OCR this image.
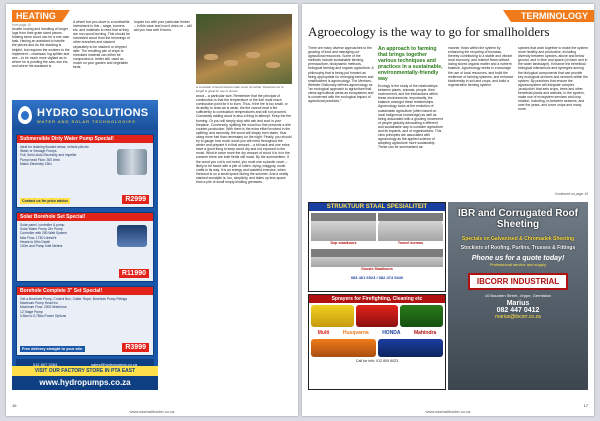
HEATING
from page 15
double rooting and handling of longer logs from their grate sized pieces. Making stove wood can be a one-man task. Having an assistant to handle the pieces and do the stacking is helpful, but requires the workers to the implement – chainsaw, log splitter and axe – to be much more vigilant as to where he is pointing the saw, axe etc, and where the assistant is.
A wheel box pro-stove is a worthwhile investment in this – stage, burners etc, and materials to reed that at they are non-wood burning. This should be harvested wood from the trimmings of other branches and stacked separately to be stacked or chipped later. The resulting pile of chips or shredded material can either be composted or, better still, used as mulch on your garden and vegetable beds.
Inquire too with your particular timber – in this case and how it dries on – will aid you how well it burns.
A mountain of wood stored under cover for winter. Firewood cut to length is great for use in stoves.
wood – a particular size. Remember that the principal of combustion is that the temperature of the fuel must reach combustion point for it to burn. Thus, if the fire is too small, or its ability to draw air is weak, the fire cannot heat a fire sufficiently to combustion temperatures and will not proceed. Constantly adding wood is also a thing to attempt. Keep the fire burning. Or you will simply stop with ash and soot in your fireplace. Conversely, splitting the wood too fine presents a dire counter-production. With them is the extra effort involved in the splitting, and secondly, the wood will simply burn faster, thus using more fuel than necessary on the night. Finally, you should try to gauge how much wood you will need throughout the winter and prepare it in that amount – a bit back and one extra; have a good thing to keep wood dry and not exposed to the moist. Wind in twice more the dry amount of wood it is in in the summer there are both fields still moist. By the summertime, if the wood you cut is not moist, you must use a plastic cover – likely to be faced with a pile of rotten, dying, maggoty, moist crafts in its way. It is an energy and wasteful exercise, when firewood is on a small space during the summer. And a neatly stacked woodpile is, too, simplicity, and takes up less space than a pile of small empty kindling grenades.
HYDRO SOLUTIONS
WATER AND SOLAR TECHNOLOGIES
Submersible Dirty Water Pump Special!
Ideal for draining flooded areas, vehicle pits etc
Water or Sewage Pumps
Full, Semi-Auto Electricity and Impeller
Pump head Flow: 300 l/min
Mains Electricity 230v
Contact us for price advice	R2999
Solar Borehole Set Special!
Solar panel, controller & pump
Solar Water Pump 24v Pump
Controller with 250 Watt System
Max Flow: 1750 Litres/Hr
Heads to 50m Depth
120m and Pump Inlet Meters
R11990
Borehole Complete 3" Set Special!
Get a Borehole Pump, Control Box, Cable, Rope, Borehole Pump Fittings
Maximum Pump Head Inc
Maximum Flow: 2000 litres/hour
12 Stage Pump
0,5kw to 0,75kw Power Options
Free delivery straight to your site.	R3999
012 807 3264	sales@hydropumps.co.za
VISIT OUR FACTORY STORE IN PTA EAST
www.hydropumps.co.za
16
www.sasmallholder.co.za
TERMINOLOGY
Agroecology is the way to go for smallholders
There are many diverse approaches to the growing of food and managing our agricultural resources. Some of the methods include sustainable farming, permaculture, biodynamic methods, biological farming and organic agriculture. A philosophy that is being put forward as being appropriate for emerging farmers and smallholders is agroecology. The Merriam-Webster Dictionary defines agroecology as "an ecological approach to agriculture that views agricultural areas as ecosystems and is concerned with the ecological impact of agricultural practices."
An approach to farming that brings together various techniques and practices in a sustainable, environmentally-friendly way
Ecology is the study of the relationships between plants, animals, people, their environment, and the interactions within these environments. Importantly, the balance amongst these relationships. Agroecology looks at the evolution of sustainable agriculture (often based on local indigenous knowledge) as well as being associated with a growing movement of people globally advocating a different and sustainable way to consider agriculture and its impacts, and of organisations. This view principles are associated with agroecology as the applied science of adopting agriculture more sustainably. These can be summarised as:
manner, flows within the system by enhancing the recycling of biomass, thereby contributing to a stable and vibrant rural economy, and nutrient flows without losing stored organic matter and a nutrient balance. Agroecology seeks to encourage the use of local resources, and build the resilience of farming systems, and enhance biodiversity in soil and crops, and build a regenerative farming system.
species that work together to make the system more healthy and productive, including diversity between species, above and below ground, and in time and space (on farm and in the wider landscape). Enhance the beneficial biological interactions and synergies among the biological components that can provide key ecological services and services within the system. By practices that ensure the agroecosystem will integrate complex 'production' that sets crops, trees and other beneficial plants and animals. In the system, make use of ecosystem services and crop rotation, including, in-between seasons, and over the years, and cover crops and many more.
Continued on page 19
STRUKTUUR STAAL SPESIALITEIT
Dop staalkuurs	Tonnel kurmas
Gouste Staalkuurs
083 461 6523 / 082 474 5440
Sprayers for Firefighting, Cleaning etc
Multi	Husqvarna	HONDA	Mahindra
Call for info: 012 809 6023
IBR and Corrugated Roof Sheeting
Specials on Galvanised & Chromadek Sheeting
Stockists of Roofing, Purlins, Trusses & Fittings
Phone us for a quote today!
Professional service and supply
IBCORR INDUSTRIAL
10 Bourden Street, Jeppe, Germiston
Marius
082 447 0412
marius@ibcorr.co.za
17
www.sasmallholder.co.za
